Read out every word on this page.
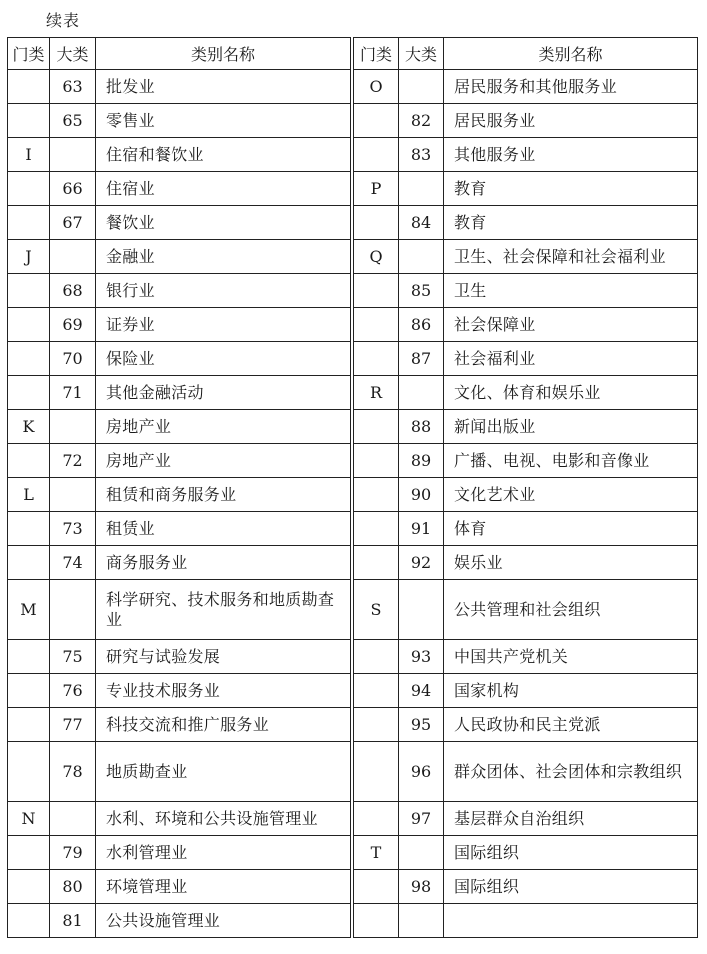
续表
门类	大类	类别名称
	63	批发业
	65	零售业
I		住宿和餐饮业
	66	住宿业
	67	餐饮业
J		金融业
	68	银行业
	69	证券业
	70	保险业
	71	其他金融活动
K		房地产业
	72	房地产业
L		租赁和商务服务业
	73	租赁业
	74	商务服务业
M		科学研究、技术服务和地质勘查业
	75	研究与试验发展
	76	专业技术服务业
	77	科技交流和推广服务业
	78	地质勘查业
N		水利、环境和公共设施管理业
	79	水利管理业
	80	环境管理业
	81	公共设施管理业
门类	大类	类别名称
O		居民服务和其他服务业
	82	居民服务业
	83	其他服务业
P		教育
	84	教育
Q		卫生、社会保障和社会福利业
	85	卫生
	86	社会保障业
	87	社会福利业
R		文化、体育和娱乐业
	88	新闻出版业
	89	广播、电视、电影和音像业
	90	文化艺术业
	91	体育
	92	娱乐业
S		公共管理和社会组织
	93	中国共产党机关
	94	国家机构
	95	人民政协和民主党派
	96	群众团体、社会团体和宗教组织
	97	基层群众自治组织
T		国际组织
	98	国际组织
